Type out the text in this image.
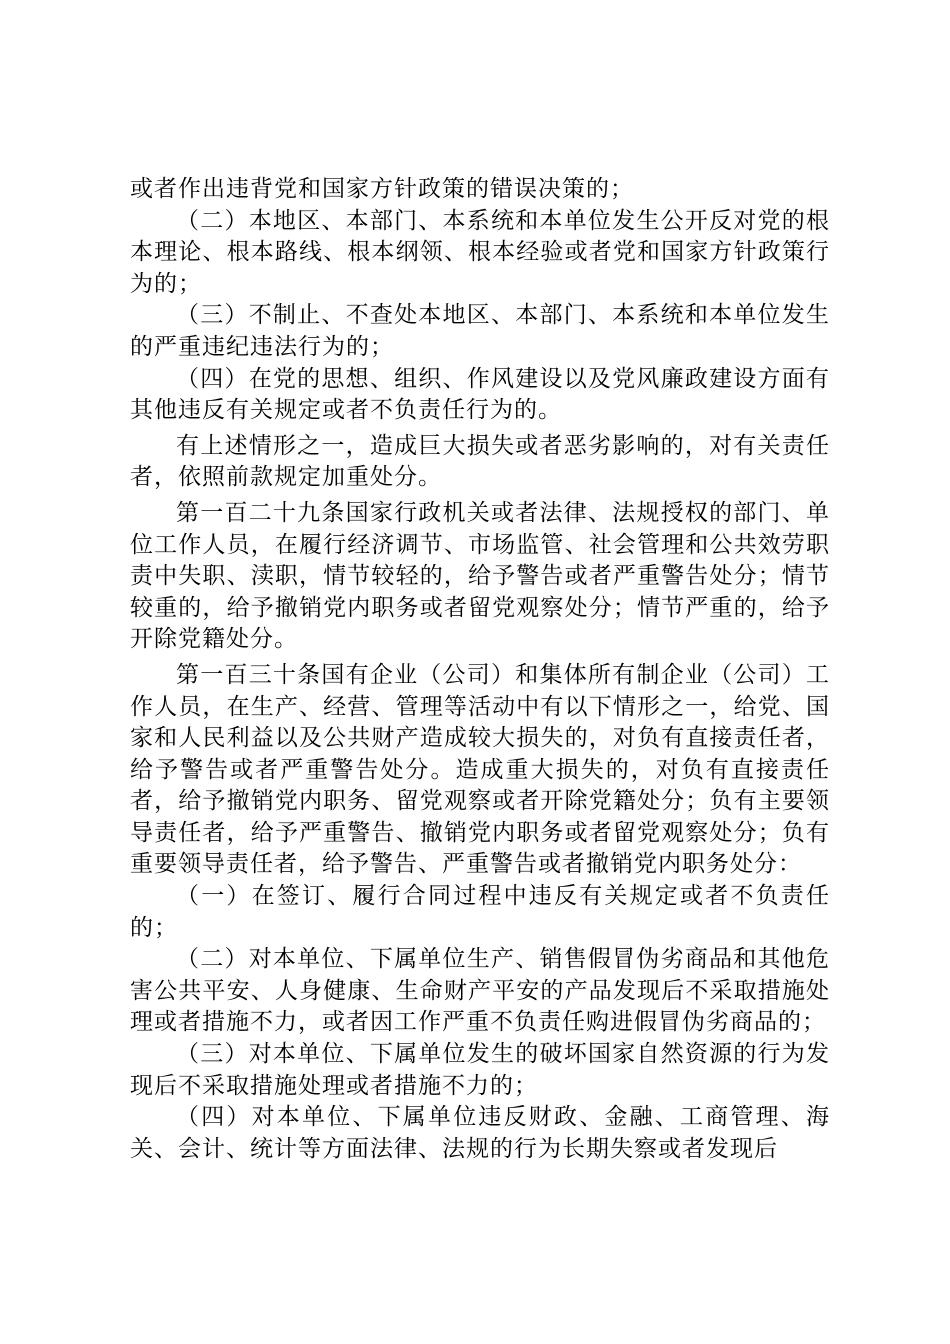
或者作出违背党和国家方针政策的错误决策的；

（二）本地区、本部门、本系统和本单位发生公开反对党的根本理论、根本路线、根本纲领、根本经验或者党和国家方针政策行为的；

（三）不制止、不查处本地区、本部门、本系统和本单位发生的严重违纪违法行为的；

（四）在党的思想、组织、作风建设以及党风廉政建设方面有其他违反有关规定或者不负责任行为的。

有上述情形之一，造成巨大损失或者恶劣影响的，对有关责任者，依照前款规定加重处分。

第一百二十九条国家行政机关或者法律、法规授权的部门、单位工作人员，在履行经济调节、市场监管、社会管理和公共效劳职责中失职、渎职，情节较轻的，给予警告或者严重警告处分；情节较重的，给予撤销党内职务或者留党观察处分；情节严重的，给予开除党籍处分。

第一百三十条国有企业（公司）和集体所有制企业（公司）工作人员，在生产、经营、管理等活动中有以下情形之一，给党、国家和人民利益以及公共财产造成较大损失的，对负有直接责任者，给予警告或者严重警告处分。造成重大损失的，对负有直接责任者，给予撤销党内职务、留党观察或者开除党籍处分；负有主要领导责任者，给予严重警告、撤销党内职务或者留党观察处分；负有重要领导责任者，给予警告、严重警告或者撤销党内职务处分：

（一）在签订、履行合同过程中违反有关规定或者不负责任的；

（二）对本单位、下属单位生产、销售假冒伪劣商品和其他危害公共平安、人身健康、生命财产平安的产品发现后不采取措施处理或者措施不力，或者因工作严重不负责任购进假冒伪劣商品的；

（三）对本单位、下属单位发生的破坏国家自然资源的行为发现后不采取措施处理或者措施不力的；

（四）对本单位、下属单位违反财政、金融、工商管理、海关、会计、统计等方面法律、法规的行为长期失察或者发现后
